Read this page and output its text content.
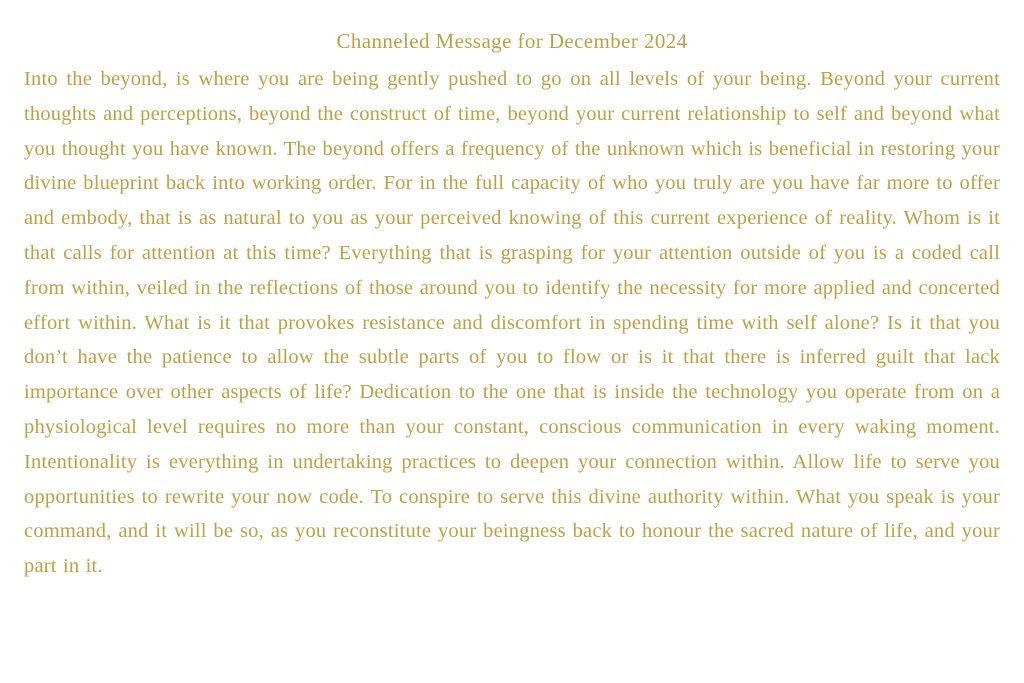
Channeled Message for December 2024

Into the beyond, is where you are being gently pushed to go on all levels of your being. Beyond your current thoughts and perceptions, beyond the construct of time, beyond your current relationship to self and beyond what you thought you have known. The beyond offers a frequency of the unknown which is beneficial in restoring your divine blueprint back into working order. For in the full capacity of who you truly are you have far more to offer and embody, that is as natural to you as your perceived knowing of this current experience of reality. Whom is it that calls for attention at this time? Everything that is grasping for your attention outside of you is a coded call from within, veiled in the reflections of those around you to identify the necessity for more applied and concerted effort within. What is it that provokes resistance and discomfort in spending time with self alone? Is it that you don’t have the patience to allow the subtle parts of you to flow or is it that there is inferred guilt that lack importance over other aspects of life? Dedication to the one that is inside the technology you operate from on a physiological level requires no more than your constant, conscious communication in every waking moment. Intentionality is everything in undertaking practices to deepen your connection within. Allow life to serve you opportunities to rewrite your now code. To conspire to serve this divine authority within. What you speak is your command, and it will be so, as you reconstitute your beingness back to honour the sacred nature of life, and your part in it.
